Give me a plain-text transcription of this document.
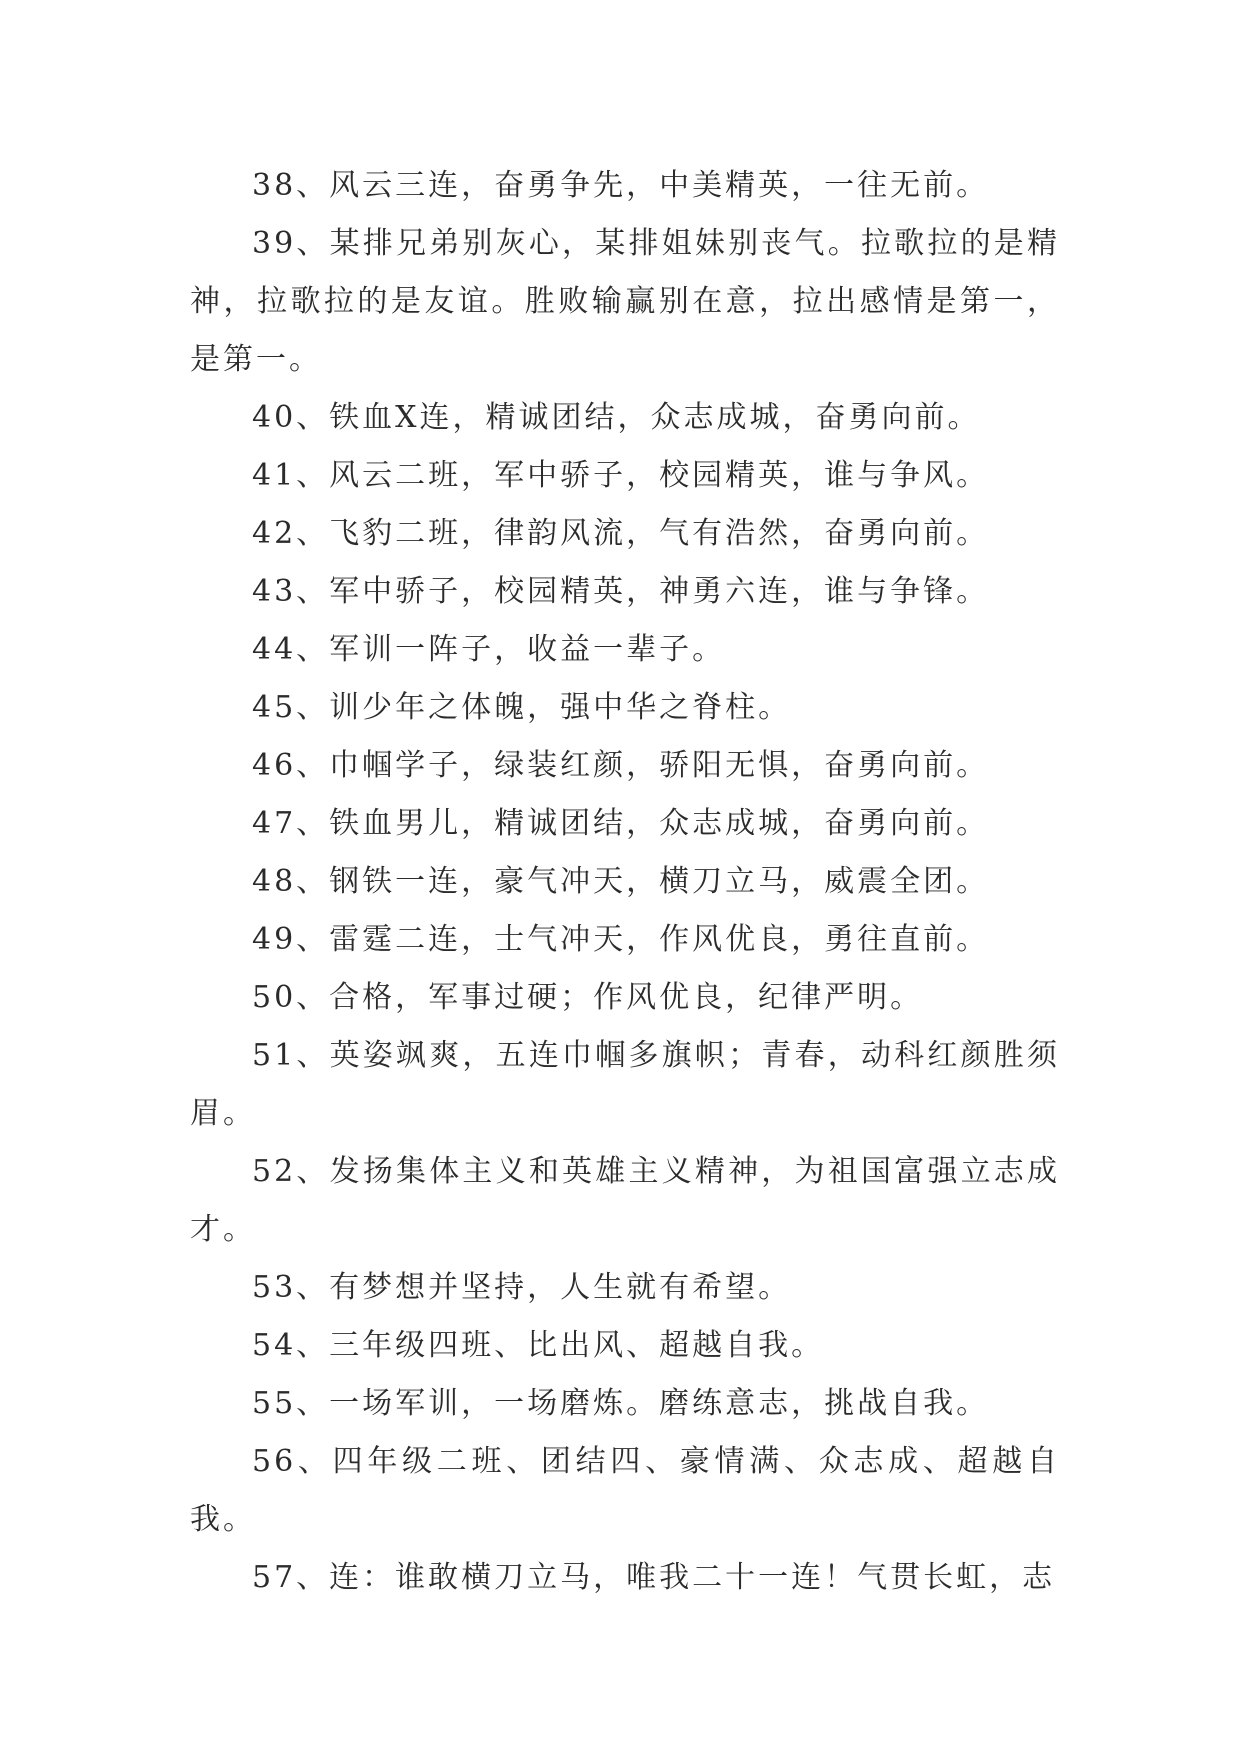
38、风云三连，奋勇争先，中美精英，一往无前。

39、某排兄弟别灰心，某排姐妹别丧气。拉歌拉的是精神，拉歌拉的是友谊。胜败输赢别在意，拉出感情是第一，是第一。

40、铁血X连，精诚团结，众志成城，奋勇向前。

41、风云二班，军中骄子，校园精英，谁与争风。

42、飞豹二班，律韵风流，气有浩然，奋勇向前。

43、军中骄子，校园精英，神勇六连，谁与争锋。

44、军训一阵子，收益一辈子。

45、训少年之体魄，强中华之脊柱。

46、巾帼学子，绿装红颜，骄阳无惧，奋勇向前。

47、铁血男儿，精诚团结，众志成城，奋勇向前。

48、钢铁一连，豪气冲天，横刀立马，威震全团。

49、雷霆二连，士气冲天，作风优良，勇往直前。

50、合格，军事过硬；作风优良，纪律严明。

51、英姿飒爽，五连巾帼多旗帜；青春，动科红颜胜须眉。

52、发扬集体主义和英雄主义精神，为祖国富强立志成才。

53、有梦想并坚持，人生就有希望。

54、三年级四班、比出风、超越自我。

55、一场军训，一场磨炼。磨练意志，挑战自我。

56、四年级二班、团结四、豪情满、众志成、超越自我。

57、连：谁敢横刀立马，唯我二十一连！气贯长虹，志
